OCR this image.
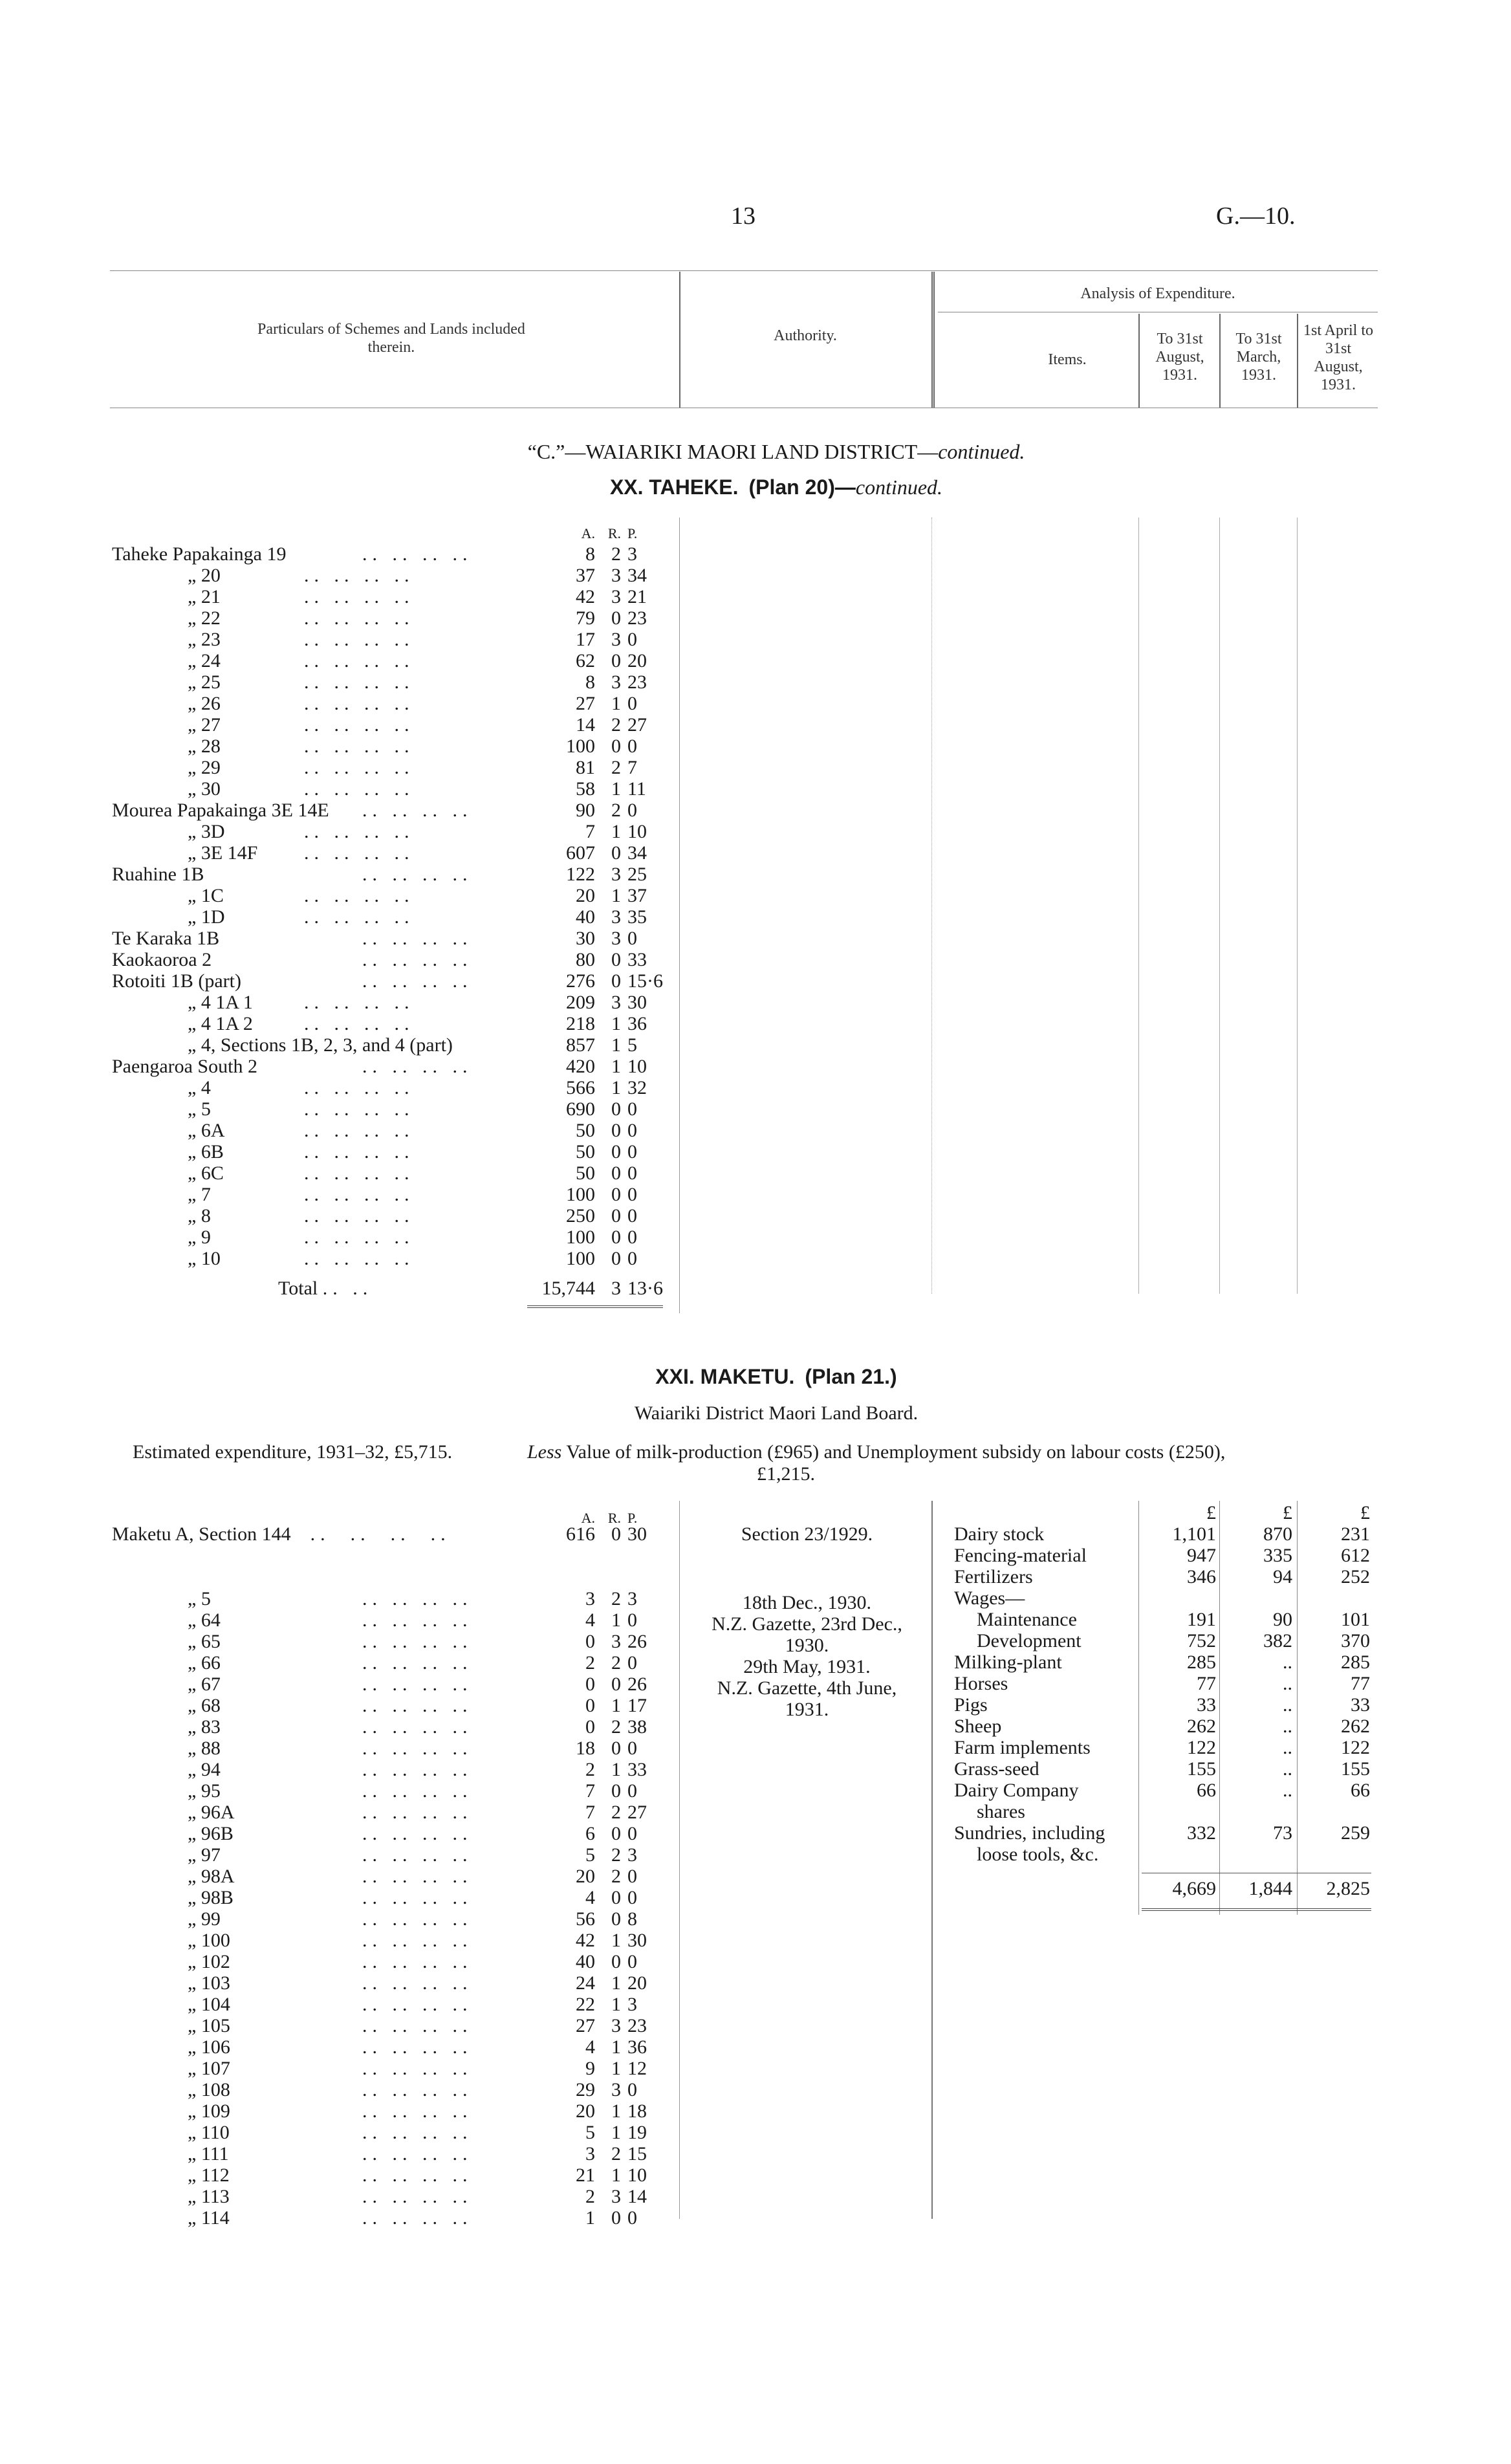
13	G.—10.
Particulars of Schemes and Lands included therein.
Authority.
Analysis of Expenditure.
Items.
To 31st August, 1931.
To 31st March, 1931.
1st April to 31st August, 1931.
“C.”—WAIARIKI MAORI LAND DISTRICT—continued.
XX. TAHEKE. (Plan 20)—continued.
A. R. P.
Taheke Papakainga 19	.. .. .. ..	8 2 3
„ 20	.. .. .. ..	37 3 34
„ 21	.. .. .. ..	42 3 21
„ 22	.. .. .. ..	79 0 23
„ 23	.. .. .. ..	17 3 0
„ 24	.. .. .. ..	62 0 20
„ 25	.. .. .. ..	8 3 23
„ 26	.. .. .. ..	27 1 0
„ 27	.. .. .. ..	14 2 27
„ 28	.. .. .. ..	100 0 0
„ 29	.. .. .. ..	81 2 7
„ 30	.. .. .. ..	58 1 11
Mourea Papakainga 3E 14E .. .. .. ..	90 2 0
„ 3D	.. .. .. ..	7 1 10
„ 3E 14F .. .. .. ..	607 0 34
Ruahine 1B	.. .. .. ..	122 3 25
„ 1C	.. .. .. ..	20 1 37
„ 1D	.. .. .. ..	40 3 35
Te Karaka 1B	.. .. .. ..	30 3 0
Kaokaoroa 2	.. .. .. ..	80 0 33
Rotoiti 1B (part)	.. .. .. ..	276 0 15·6
„ 4 1A 1	.. .. .. ..	209 3 30
„ 4 1A 2	.. .. .. ..	218 1 36
„ 4, Sections 1B, 2, 3, and 4 (part)	857 1 5
Paengaroa South 2	.. .. .. ..	420 1 10
„ 4	.. .. .. ..	566 1 32
„ 5	.. .. .. ..	690 0 0
„ 6A	.. .. .. ..	50 0 0
„ 6B	.. .. .. ..	50 0 0
„ 6C	.. .. .. ..	50 0 0
„ 7	.. .. .. ..	100 0 0
„ 8	.. .. .. ..	250 0 0
„ 9	.. .. .. ..	100 0 0
„ 10	.. .. .. ..	100 0 0
Total .. ..	15,744 3 13·6
XXI. MAKETU. (Plan 21.)
Waiariki District Maori Land Board.
Estimated expenditure, 1931–32, £5,715.	Less Value of milk-production (£965) and Unemployment subsidy on labour costs (£250),
£1,215.
A. R. P.
Maketu A, Section 144 ..  ..  ..  ..	616 0 30
„ 5	.. .. .. ..	3 2 3
„ 64	.. .. .. ..	4 1 0
„ 65	.. .. .. ..	0 3 26
„ 66	.. .. .. ..	2 2 0
„ 67	.. .. .. ..	0 0 26
„ 68	.. .. .. ..	0 1 17
„ 83	.. .. .. ..	0 2 38
„ 88	.. .. .. ..	18 0 0
„ 94	.. .. .. ..	2 1 33
„ 95	.. .. .. ..	7 0 0
„ 96A	.. .. .. ..	7 2 27
„ 96B	.. .. .. ..	6 0 0
„ 97	.. .. .. ..	5 2 3
„ 98A	.. .. .. ..	20 2 0
„ 98B	.. .. .. ..	4 0 0
„ 99	.. .. .. ..	56 0 8
„ 100	.. .. .. ..	42 1 30
„ 102	.. .. .. ..	40 0 0
„ 103	.. .. .. ..	24 1 20
„ 104	.. .. .. ..	22 1 3
„ 105	.. .. .. ..	27 3 23
„ 106	.. .. .. ..	4 1 36
„ 107	.. .. .. ..	9 1 12
„ 108	.. .. .. ..	29 3 0
„ 109	.. .. .. ..	20 1 18
„ 110	.. .. .. ..	5 1 19
„ 111	.. .. .. ..	3 2 15
„ 112	.. .. .. ..	21 1 10
„ 113	.. .. .. ..	2 3 14
„ 114	.. .. .. ..	1 0 0
Section 23/1929.
18th Dec., 1930.
N.Z. Gazette, 23rd Dec.,
1930.
29th May, 1931.
N.Z. Gazette, 4th June,
1931.
£	£	£
Dairy stock	1,101	870	231
Fencing-material	947	335	612
Fertilizers	346	94	252
Wages—
Maintenance	191	90	101
Development	752	382	370
Milking-plant	285	..	285
Horses	77	..	77
Pigs	33	..	33
Sheep	262	..	262
Farm implements	122	..	122
Grass-seed	155	..	155
Dairy Company	66	..	66
shares
Sundries, including	332	73	259
loose tools, &c.
4,669	1,844	2,825
